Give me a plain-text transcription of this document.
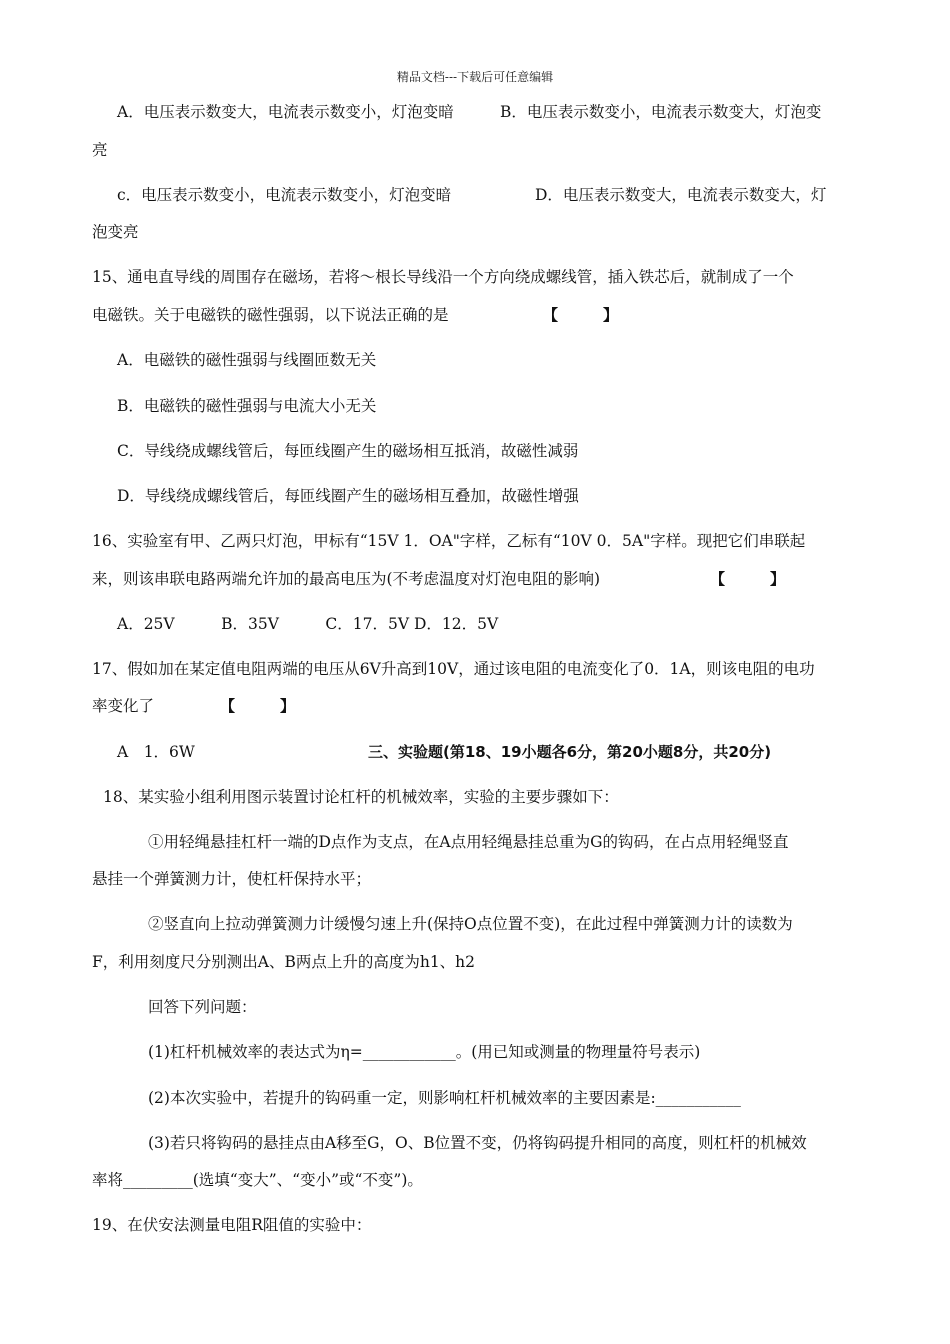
精品文档---下载后可任意编辑
A．电压表示数变大，电流表示数变小，灯泡变暗	B．电压表示数变小，电流表示数变大，灯泡变
亮
c．电压表示数变小，电流表示数变小，灯泡变暗	D．电压表示数变大，电流表示数变大，灯
泡变亮
15、通电直导线的周围存在磁场，若将～根长导线沿一个方向绕成螺线管，插入铁芯后，就制成了一个
电磁铁。关于电磁铁的磁性强弱，以下说法正确的是	【　　　】
A．电磁铁的磁性强弱与线圈匝数无关
B．电磁铁的磁性强弱与电流大小无关
C．导线绕成螺线管后，每匝线圈产生的磁场相互抵消，故磁性减弱
D．导线绕成螺线管后，每匝线圈产生的磁场相互叠加，故磁性增强
16、实验室有甲、乙两只灯泡，甲标有“15V 1．OA"字样，乙标有“10V 0．5A"字样。现把它们串联起
来，则该串联电路两端允许加的最高电压为(不考虑温度对灯泡电阻的影响)	【　　　】
A．25V　　　B．35V　　　C．17．5V D．12．5V
17、假如加在某定值电阻两端的电压从6V升高到10V，通过该电阻的电流变化了0．1A，则该电阻的电功
率变化了	【　　　】
A　1．6W	三、实验题(第18、19小题各6分，第20小题8分，共20分)
18、某实验小组利用图示装置讨论杠杆的机械效率，实验的主要步骤如下：
①用轻绳悬挂杠杆一端的D点作为支点，在A点用轻绳悬挂总重为G的钩码，在占点用轻绳竖直
悬挂一个弹簧测力计，使杠杆保持水平；
②竖直向上拉动弹簧测力计缓慢匀速上升(保持O点位置不变)，在此过程中弹簧测力计的读数为
F，利用刻度尺分别测出A、B两点上升的高度为h1、h2
回答下列问题：
(1)杠杆机械效率的表达式为η=____________。(用已知或测量的物理量符号表示)
(2)本次实验中，若提升的钩码重一定，则影响杠杆机械效率的主要因素是:___________
(3)若只将钩码的悬挂点由A移至G，O、B位置不变，仍将钩码提升相同的高度，则杠杆的机械效
率将_________(选填“变大”、“变小”或“不变”)。
19、在伏安法测量电阻R阻值的实验中：
